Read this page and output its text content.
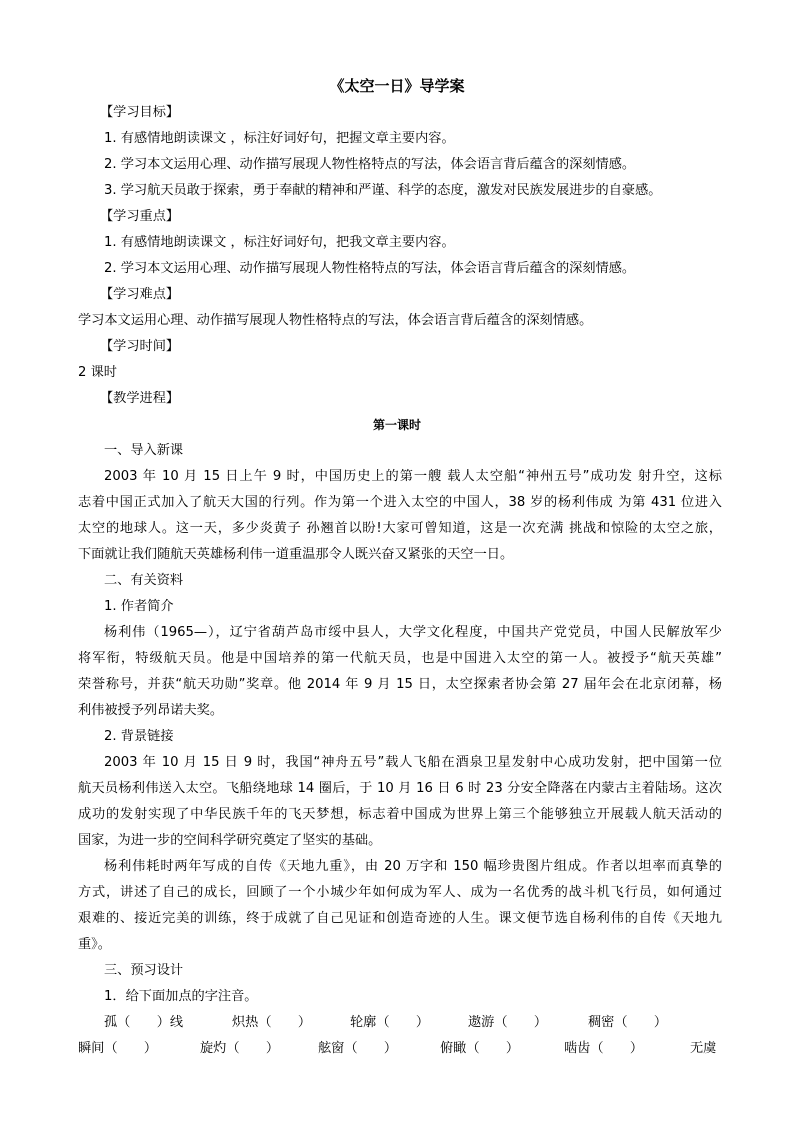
《太空一日》导学案
【学习目标】
1. 有感情地朗读课文 ，标注好词好句，把握文章主要内容。
2. 学习本文运用心理、动作描写展现人物性格特点的写法，体会语言背后蕴含的深刻情感。
3. 学习航天员敢于探索，勇于奉献的精神和严谨、科学的态度，激发对民族发展进步的自豪感。
【学习重点】
1. 有感情地朗读课文 ，标注好词好句，把我文章主要内容。
2. 学习本文运用心理、动作描写展现人物性格特点的写法，体会语言背后蕴含的深刻情感。
【学习难点】
学习本文运用心理、动作描写展现人物性格特点的写法，体会语言背后蕴含的深刻情感。
【学习时间】
2 课时
【教学进程】
第一课时
一、导入新课
2003 年 10 月 15 日上午 9 时，中国历史上的第一艘 载人太空船“神州五号”成功发 射升空，这标
志着中国正式加入了航天大国的行列。作为第一个进入太空的中国人，38 岁的杨利伟成 为第 431 位进入
太空的地球人。这一天，多少炎黄子 孙翘首以盼!大家可曾知道，这是一次充满 挑战和惊险的太空之旅，
下面就让我们随航天英雄杨利伟一道重温那令人既兴奋又紧张的天空一日。
二、有关资料
1. 作者简介
杨利伟（1965—），辽宁省葫芦岛市绥中县人，大学文化程度，中国共产党党员，中国人民解放军少
将军衔，特级航天员。他是中国培养的第一代航天员，也是中国进入太空的第一人。被授予“航天英雄”
荣誉称号，并获“航天功勋”奖章。他 2014 年 9 月 15 日，太空探索者协会第 27 届年会在北京闭幕，杨
利伟被授予列昂诺夫奖。
2. 背景链接
2003 年 10 月 15 日 9 时，我国“神舟五号”载人飞船在酒泉卫星发射中心成功发射，把中国第一位
航天员杨利伟送入太空。飞船绕地球 14 圈后，于 10 月 16 日 6 时 23 分安全降落在内蒙古主着陆场。这次
成功的发射实现了中华民族千年的飞天梦想，标志着中国成为世界上第三个能够独立开展载人航天活动的
国家，为进一步的空间科学研究奠定了坚实的基础。
杨利伟耗时两年写成的自传《天地九重》，由 20 万字和 150 幅珍贵图片组成。作者以坦率而真挚的
方式，讲述了自己的成长，回顾了一个小城少年如何成为军人、成为一名优秀的战斗机飞行员，如何通过
艰难的、接近完美的训练，终于成就了自己见证和创造奇迹的人生。课文便节选自杨利伟的自传《天地九
重》。
三、预习设计
1．给下面加点的字注音。
孤（　　）线	炽热（　　）	轮廓（　　）	遨游（　　）	稠密（　　）
瞬间（　　）	旋灼（　　）	舷窗（　　）	俯瞰（　　）	啮齿（　　）	无虞
